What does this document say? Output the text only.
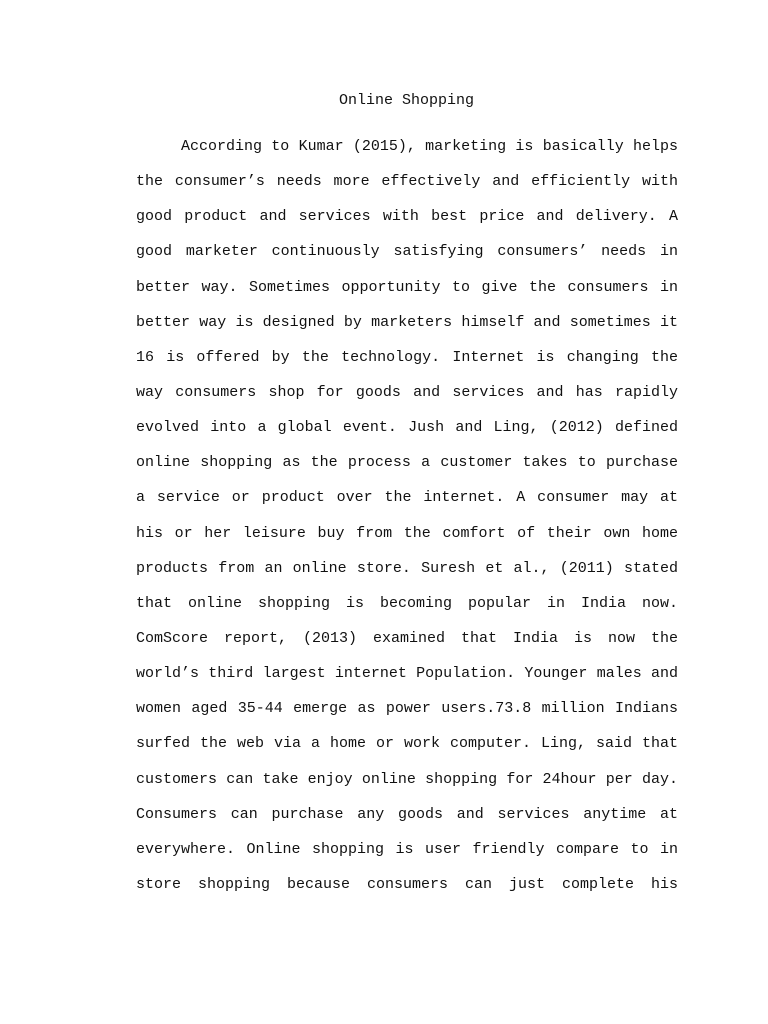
Online Shopping
According to Kumar (2015), marketing is basically helps
the consumer’s needs more effectively and efficiently with
good product and services with best price and delivery. A
good marketer continuously satisfying consumers’ needs in
better way. Sometimes opportunity to give the consumers in
better way is designed by marketers himself and sometimes it
16 is offered by the technology. Internet is changing the
way consumers shop for goods and services and has rapidly
evolved into a global event. Jush and Ling, (2012) defined
online shopping as the process a customer takes to purchase
a service or product over the internet. A consumer may at
his or her leisure buy from the comfort of their own home
products from an online store. Suresh et al., (2011) stated
that online shopping is becoming popular in India now.
ComScore report, (2013) examined that India is now the
world’s third largest internet Population. Younger males and
women aged 35-44 emerge as power users.73.8 million Indians
surfed the web via a home or work computer. Ling, said that
customers can take enjoy online shopping for 24hour per day.
Consumers can purchase any goods and services anytime at
everywhere. Online shopping is user friendly compare to in
store shopping because consumers can just complete his
